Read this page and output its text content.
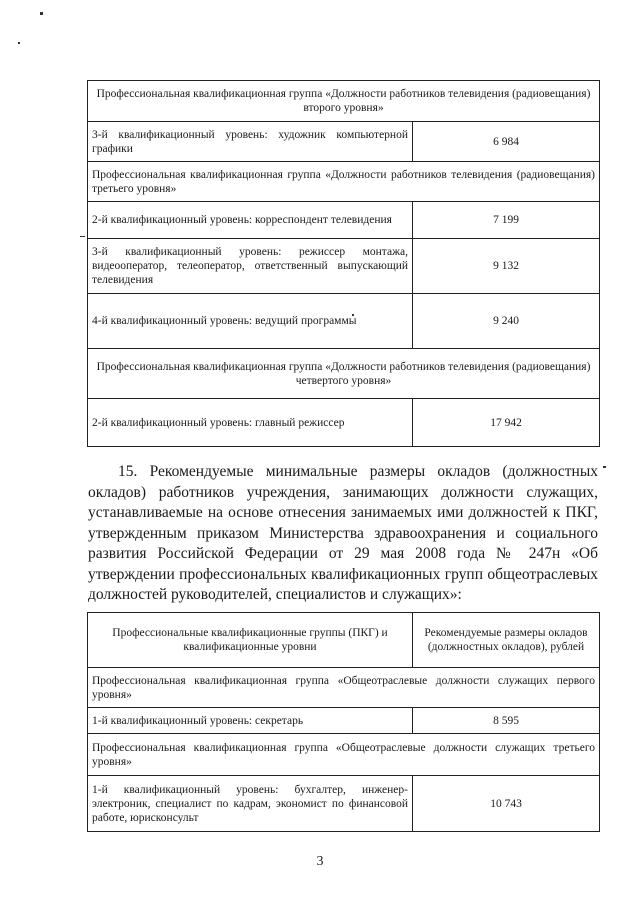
Профессиональная квалификационная группа «Должности работников телевидения (радиовещания) второго уровня»	
3-й квалификационный уровень: художник компьютерной графики	6 984
Профессиональная квалификационная группа «Должности работников телевидения (радиовещания) третьего уровня»	
2-й квалификационный уровень: корреспондент телевидения	7 199
3-й квалификационный уровень: режиссер монтажа, видеооператор, телеоператор, ответственный выпускающий телевидения	9 132
4-й квалификационный уровень: ведущий программы	9 240
Профессиональная квалификационная группа «Должности работников телевидения (радиовещания) четвертого уровня»	
2-й квалификационный уровень: главный режиссер	17 942

15. Рекомендуемые минимальные размеры окладов (должностных окладов) работников учреждения, занимающих должности служащих, устанавливаемые на основе отнесения занимаемых ими должностей к ПКГ, утвержденным приказом Министерства здравоохранения и социального развития Российской Федерации от 29 мая 2008 года № 247н «Об утверждении профессиональных квалификационных групп общеотраслевых должностей руководителей, специалистов и служащих»:

Профессиональные квалификационные группы (ПКГ) и квалификационные уровни	Рекомендуемые размеры окладов (должностных окладов), рублей
Профессиональная квалификационная группа «Общеотраслевые должности служащих первого уровня»	
1-й квалификационный уровень: секретарь	8 595
Профессиональная квалификационная группа «Общеотраслевые должности служащих третьего уровня»	
1-й квалификационный уровень: бухгалтер, инженер-электроник, специалист по кадрам, экономист по финансовой работе, юрисконсульт	10 743
3
